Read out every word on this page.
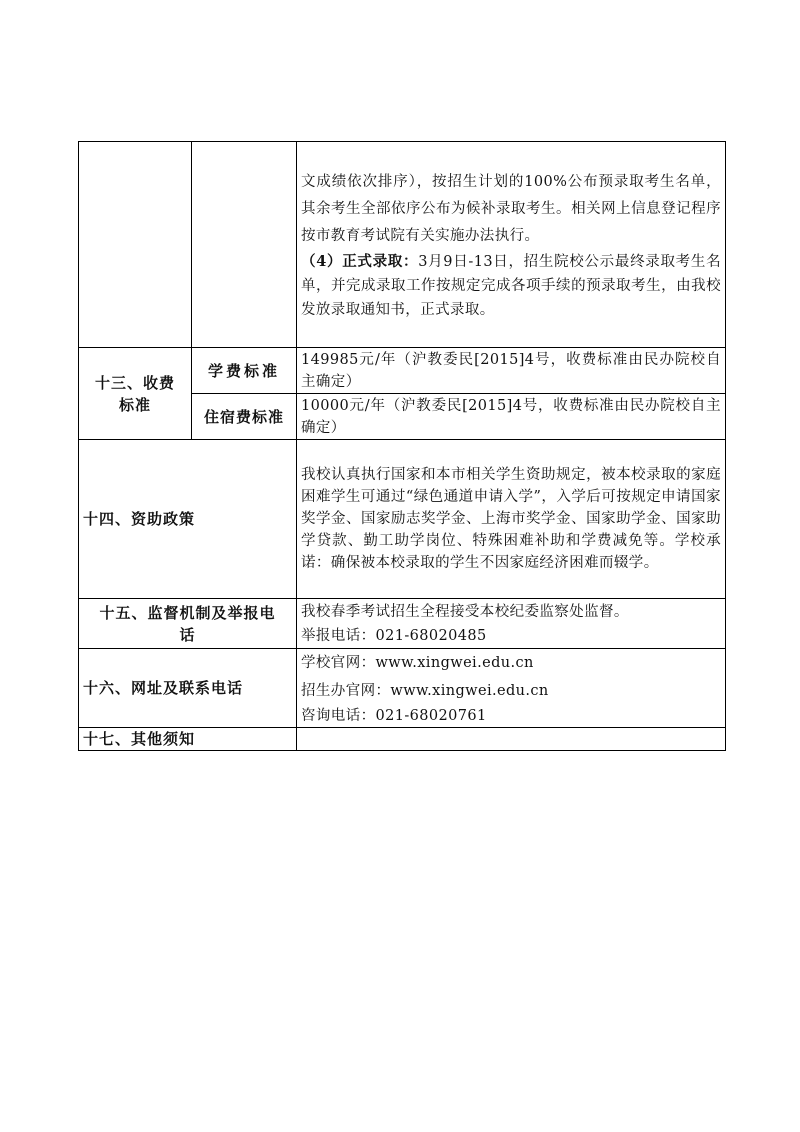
		文成绩依次排序），按招生计划的100%公布预录取考生名单，其余考生全部依序公布为候补录取考生。相关网上信息登记程序按市教育考试院有关实施办法执行。

（4）正式录取：3月9日-13日，招生院校公示最终录取考生名单，并完成录取工作按规定完成各项手续的预录取考生，由我校发放录取通知书，正式录取。

十三、收费标准	学费标准	149985元/年（沪教委民[2015]4号，收费标准由民办院校自主确定）
	住宿费标准	10000元/年（沪教委民[2015]4号，收费标准由民办院校自主确定）
十四、资助政策		我校认真执行国家和本市相关学生资助规定，被本校录取的家庭困难学生可通过“绿色通道申请入学”，入学后可按规定申请国家奖学金、国家励志奖学金、上海市奖学金、国家助学金、国家助学贷款、勤工助学岗位、特殊困难补助和学费减免等。学校承诺：确保被本校录取的学生不因家庭经济困难而辍学。
十五、监督机制及举报电话		我校春季考试招生全程接受本校纪委监察处监督。

举报电话：021-68020485

十六、网址及联系电话		学校官网：www.xingwei.edu.cn

招生办官网：www.xingwei.edu.cn

咨询电话：021-68020761

十七、其他须知		
